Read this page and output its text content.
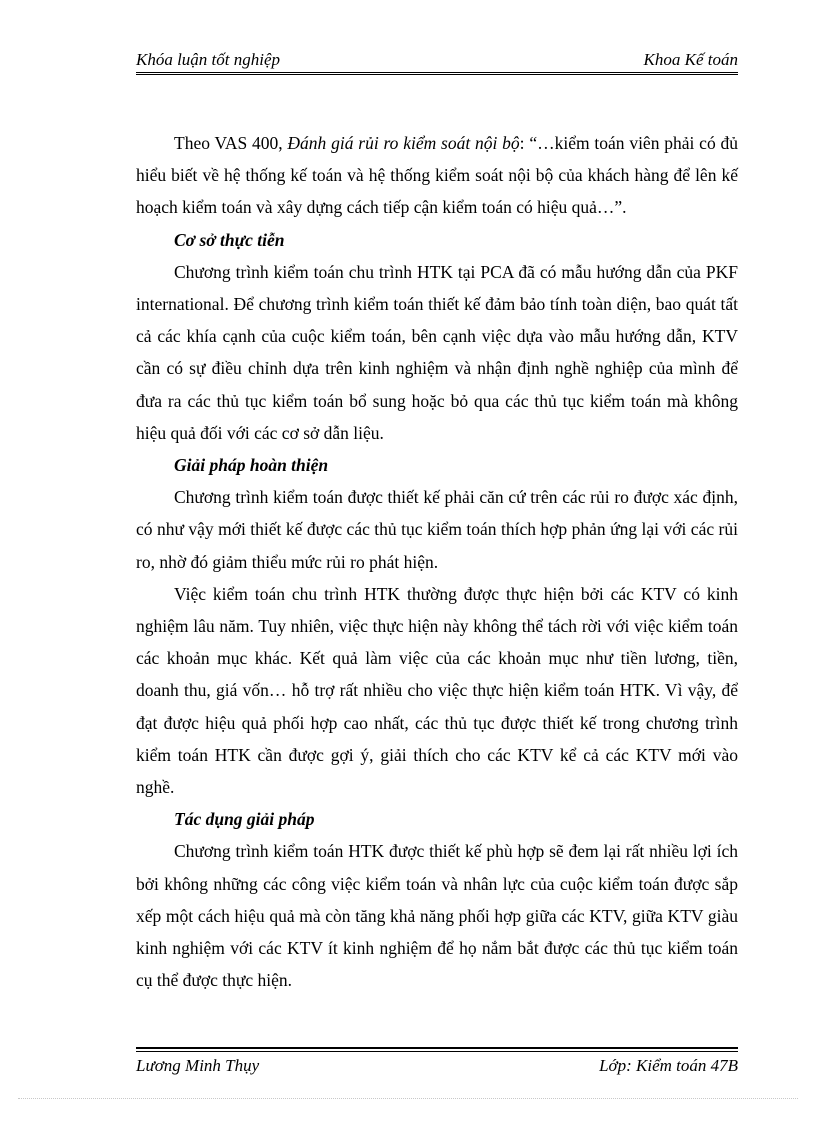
Khóa luận tốt nghiệp	Khoa Kế toán

Theo VAS 400, Đánh giá rủi ro kiểm soát nội bộ: “…kiểm toán viên phải có đủ hiểu biết về hệ thống kế toán và hệ thống kiểm soát nội bộ của khách hàng để lên kế hoạch kiểm toán và xây dựng cách tiếp cận kiểm toán có hiệu quả…”.

Cơ sở thực tiễn

Chương trình kiểm toán chu trình HTK tại PCA đã có mẫu hướng dẫn của PKF international. Để chương trình kiểm toán thiết kế đảm bảo tính toàn diện, bao quát tất cả các khía cạnh của cuộc kiểm toán, bên cạnh việc dựa vào mẫu hướng dẫn, KTV cần có sự điều chỉnh dựa trên kinh nghiệm và nhận định nghề nghiệp của mình để đưa ra các thủ tục kiểm toán bổ sung hoặc bỏ qua các thủ tục kiểm toán mà không hiệu quả đối với các cơ sở dẫn liệu.

Giải pháp hoàn thiện

Chương trình kiểm toán được thiết kế phải căn cứ trên các rủi ro được xác định, có như vậy mới thiết kế được các thủ tục kiểm toán thích hợp phản ứng lại với các rủi ro, nhờ đó giảm thiểu mức rủi ro phát hiện.

Việc kiểm toán chu trình HTK thường được thực hiện bởi các KTV có kinh nghiệm lâu năm. Tuy nhiên, việc thực hiện này không thể tách rời với việc kiểm toán các khoản mục khác. Kết quả làm việc của các khoản mục như tiền lương, tiền, doanh thu, giá vốn… hỗ trợ rất nhiều cho việc thực hiện kiểm toán HTK. Vì vậy, để đạt được hiệu quả phối hợp cao nhất, các thủ tục được thiết kế trong chương trình kiểm toán HTK cần được gợi ý, giải thích cho các KTV kể cả các KTV mới vào nghề.

Tác dụng giải pháp

Chương trình kiểm toán HTK được thiết kế phù hợp sẽ đem lại rất nhiều lợi ích bởi không những các công việc kiểm toán và nhân lực của cuộc kiểm toán được sắp xếp một cách hiệu quả mà còn tăng khả năng phối hợp giữa các KTV, giữa KTV giàu kinh nghiệm với các KTV ít kinh nghiệm để họ nắm bắt được các thủ tục kiểm toán cụ thể được thực hiện.

Lương Minh Thụy	Lớp: Kiểm toán 47B
